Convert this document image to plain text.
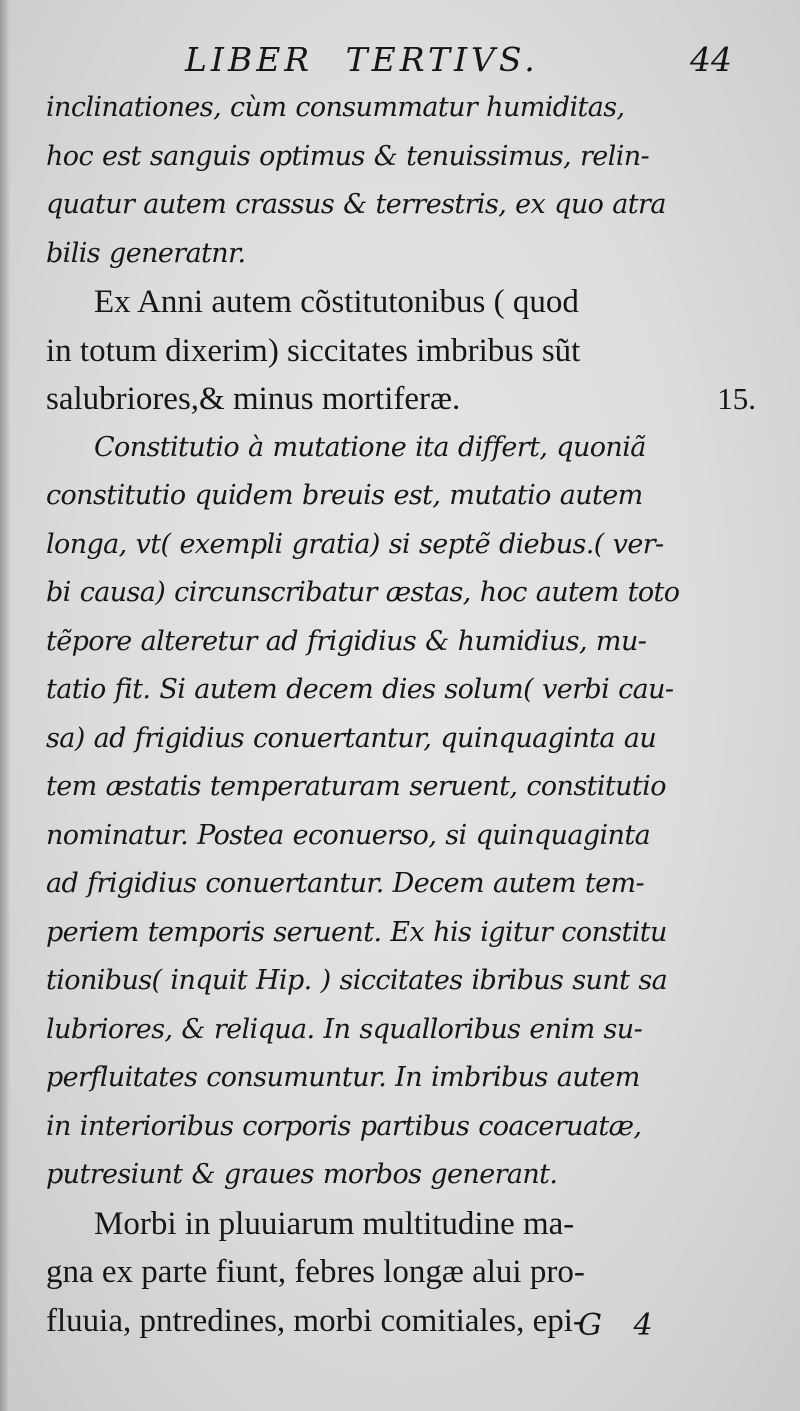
LIBER TERTIVS.	44
inclinationes, cùm consummatur humiditas,
hoc est sanguis optimus & tenuissimus, relin-
quatur autem crassus & terrestris, ex quo atra
bilis generatnr.
Ex Anni autem cõstitutonibus ( quod
in totum dixerim) siccitates imbribus sũt
salubriores,& minus mortiferæ.	15.
Constitutio à mutatione ita differt, quoniã
constitutio quidem breuis est, mutatio autem
longa, vt( exempli gratia) si septẽ diebus.( ver-
bi causa) circunscribatur æstas, hoc autem toto
tẽpore alteretur ad frigidius & humidius, mu-
tatio fit. Si autem decem dies solum( verbi cau-
sa) ad frigidius conuertantur, quinquaginta au
tem æstatis temperaturam seruent, constitutio
nominatur. Postea econuerso, si quinquaginta
ad frigidius conuertantur. Decem autem tem-
periem temporis seruent. Ex his igitur constitu
tionibus( inquit Hip. ) siccitates ibribus sunt sa
lubriores, & reliqua. In squalloribus enim su-
perfluitates consumuntur. In imbribus autem
in interioribus corporis partibus coaceruatæ,
putresiunt & graues morbos generant.
Morbi in pluuiarum multitudine ma-
gna ex parte fiunt, febres longæ alui pro-
fluuia, pntredines, morbi comitiales, epi-
G 4
